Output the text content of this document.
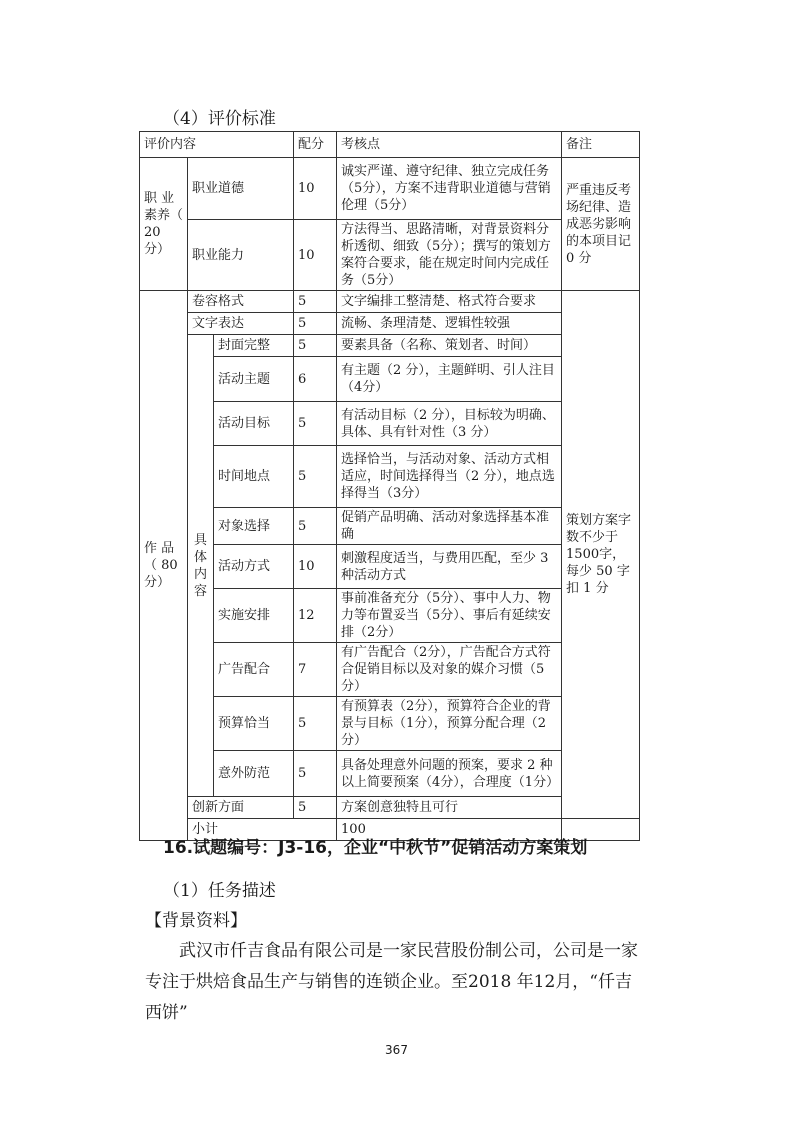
（4）评价标准
评价内容			配分	考核点	备注	
职 业素养（ 20 分）	职业道德		10	诚实严谨、遵守纪律、独立完成任务（5分），方案不违背职业道德与营销伦理（5分）	严重违反考场纪律、造成恶劣影响的本项目记 0 分	
	职业能力		10	方法得当、思路清晰，对背景资料分析透彻、细致（5分）；撰写的策划方案符合要求，能在规定时间内完成任务（5分）		
作 品（ 80 分）	卷容格式		5	文字编排工整清楚、格式符合要求	策划方案字数不少于1500字，每少 50 字扣 1 分	
	文字表达		5	流畅、条理清楚、逻辑性较强		
	具体内容	封面完整	5	要素具备（名称、策划者、时间）		
		活动主题	6	有主题（2 分），主题鲜明、引人注目（4分）		
		活动目标	5	有活动目标（2 分），目标较为明确、具体、具有针对性（3 分）		
		时间地点	5	选择恰当，与活动对象、活动方式相适应，时间选择得当（2 分），地点选择得当（3分）		
		对象选择	5	促销产品明确、活动对象选择基本准确		
		活动方式	10	刺激程度适当，与费用匹配，至少 3 种活动方式		
		实施安排	12	事前准备充分（5分）、事中人力、物力等布置妥当（5分）、事后有延续安排（2分）		
		广告配合	7	有广告配合（2分），广告配合方式符合促销目标以及对象的媒介习惯（5分）		
		预算恰当	5	有预算表（2分），预算符合企业的背景与目标（1分），预算分配合理（2分）		
		意外防范	5	具备处理意外问题的预案，要求 2 种以上简要预案（4分），合理度（1分）		
	创新方面		5	方案创意独特且可行		
	小计			100		
16.试题编号：J3-16，企业“中秋节”促销活动方案策划
（1）任务描述
【背景资料】
武汉市仟吉食品有限公司是一家民营股份制公司，公司是一家专注于烘焙食品生产与销售的连锁企业。至2018 年12月，“仟吉西饼”
367
